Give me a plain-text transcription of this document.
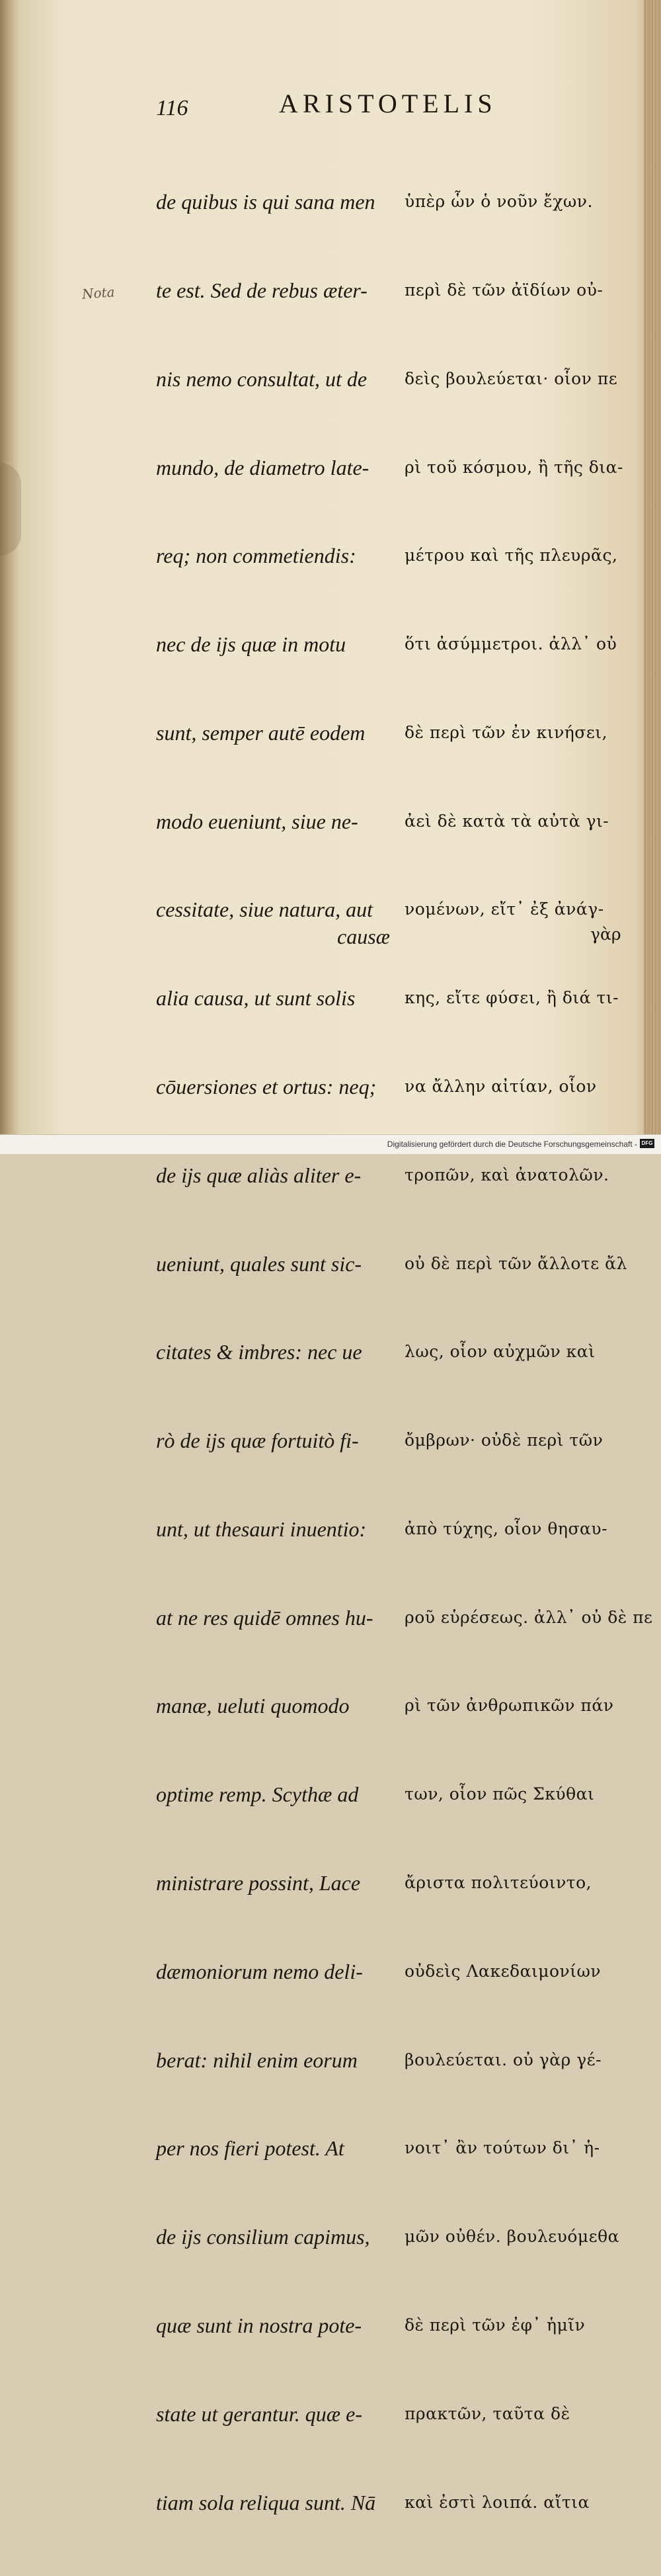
116	ARISTOTELIS
Nota

de quibus is qui sana men

te est. Sed de rebus æter-

nis nemo consultat, ut de

mundo, de diametro late-

req; non commetiendis:

nec de ijs quæ in motu

sunt, semper autē eodem

modo eueniunt, siue ne-

cessitate, siue natura, aut

alia causa, ut sunt solis

cōuersiones et ortus: neq;

de ijs quæ aliàs aliter e-

ueniunt, quales sunt sic-

citates & imbres: nec ue

rò de ijs quæ fortuitò fi-

unt, ut thesauri inuentio:

at ne res quidē omnes hu-

manæ, ueluti quomodo

optime remp. Scythæ ad

ministrare possint, Lace

dæmoniorum nemo deli-

berat: nihil enim eorum

per nos fieri potest. At

de ijs consilium capimus,

quæ sunt in nostra pote-

state ut gerantur. quæ e-

tiam sola reliqua sunt. Nā

ὑπὲρ ὧν ὁ νοῦν ἔχων.

περὶ δὲ τῶν ἀϊδίων οὐ-

δεὶς βουλεύεται· οἷον πε

ρὶ τοῦ κόσμου, ἢ τῆς δια-

μέτρου καὶ τῆς πλευρᾶς,

ὅτι ἀσύμμετροι. ἀλλ᾽ οὐ

δὲ περὶ τῶν ἐν κινήσει,

ἀεὶ δὲ κατὰ τὰ αὐτὰ γι-

νομένων, εἴτ᾽ ἐξ ἀνάγ-

κης, εἴτε φύσει, ἢ διά τι-

να ἄλλην αἰτίαν, οἷον

τροπῶν, καὶ ἀνατολῶν.

οὐ δὲ περὶ τῶν ἄλλοτε ἄλ

λως, οἷον αὐχμῶν καὶ

ὄμβρων· οὐδὲ περὶ τῶν

ἀπὸ τύχης, οἷον θησαυ-

ροῦ εὑρέσεως. ἀλλ᾽ οὐ δὲ πε

ρὶ τῶν ἀνθρωπικῶν πάν

των, οἷον πῶς Σκύθαι

ἄριστα πολιτεύοιντο,

οὐδεὶς Λακεδαιμονίων

βουλεύεται. οὐ γὰρ γέ-

νοιτ᾽ ἂν τούτων δι᾽ ἡ-

μῶν οὐθέν. βουλευόμεθα

δὲ περὶ τῶν ἐφ᾽ ἡμῖν

πρακτῶν, ταῦτα δὲ

καὶ ἐστὶ λοιπά. αἴτια

causæ	γὰρ
Digitalisierung gefördert durch die Deutsche Forschungsgemeinschaft - DFG
